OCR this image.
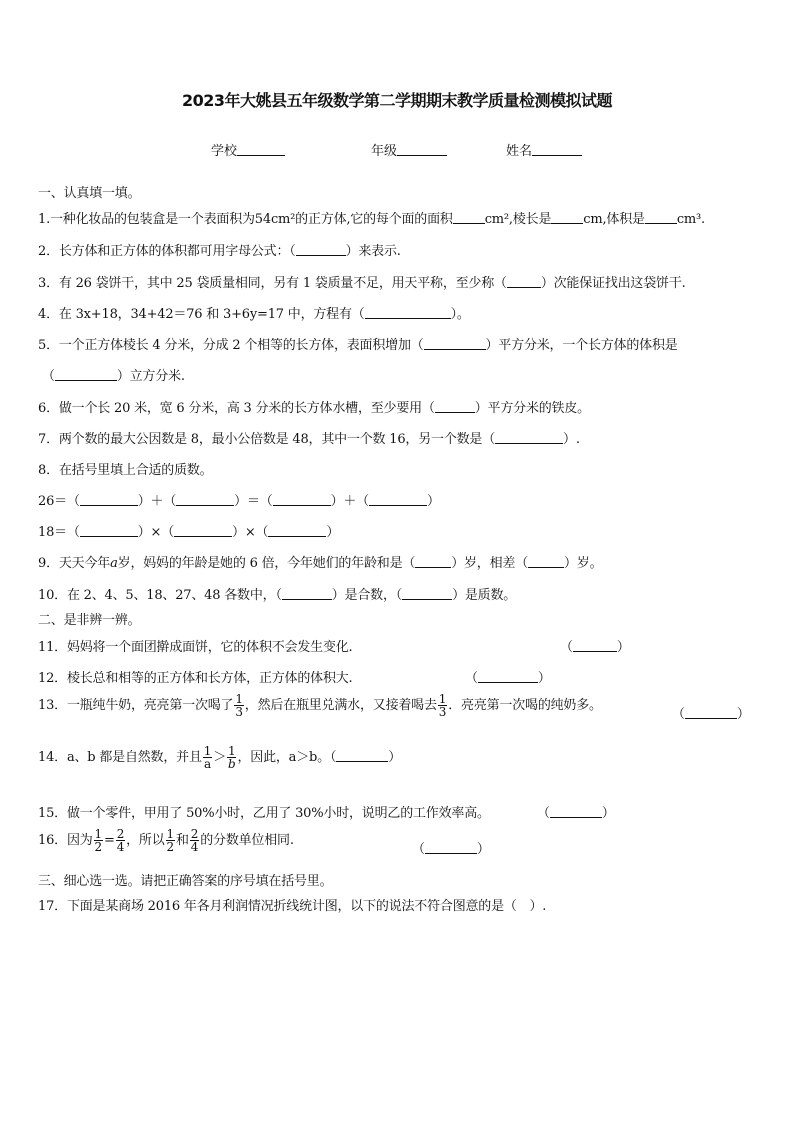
2023年大姚县五年级数学第二学期期末教学质量检测模拟试题
学校	年级	姓名
一、认真填一填。
1.一种化妆品的包装盒是一个表面积为54cm²的正方体,它的每个面的面积 cm²,棱长是 cm,体积是 cm³.
2．长方体和正方体的体积都可用字母公式：（	）来表示.
3．有 26 袋饼干，其中 25 袋质量相同，另有 1 袋质量不足，用天平称，至少称（	）次能保证找出这袋饼干.
4．在 3x+18，34+42＝76 和 3+6y=17 中，方程有（	）。
5．一个正方体棱长 4 分米，分成 2 个相等的长方体，表面积增加（	）平方分米，一个长方体的体积是
（	）立方分米.
6．做一个长 20 米，宽 6 分米，高 3 分米的长方体水槽，至少要用（	）平方分米的铁皮。
7．两个数的最大公因数是 8，最小公倍数是 48，其中一个数 16，另一个数是（	）.
8．在括号里填上合适的质数。
26＝（	）＋（	）＝（	）＋（	）
18＝（	）×（	）×（	）
9．天天今年a岁，妈妈的年龄是她的 6 倍，今年她们的年龄和是（	）岁，相差（	）岁。
10．在 2、4、5、18、27、48 各数中，（	）是合数，（	）是质数。
二、是非辨一辨。
11．妈妈将一个面团擀成面饼，它的体积不会发生变化.	（	）
12．棱长总和相等的正方体和长方体，正方体的体积大.	（	）
13．一瓶纯牛奶，亮亮第一次喝了 $\frac{1}{3}$ ，然后在瓶里兑满水，又接着喝去 $\frac{1}{3}$ ．亮亮第一次喝的纯奶多。
（	）
14．a、b 都是自然数，并且 $\frac{1}{a} > \frac{1}{b}$ ，因此，a＞b。（	）
15．做一个零件，甲用了 50%小时，乙用了 30%小时，说明乙的工作效率高。	（	）
16．因为 $\frac{1}{2} = \frac{2}{4}$ ，所以 $\frac{1}{2}$ 和 $\frac{2}{4}$ 的分数单位相同.
（	）
三、细心选一选。请把正确答案的序号填在括号里。
17．下面是某商场 2016 年各月利润情况折线统计图，以下的说法不符合图意的是（　）.
